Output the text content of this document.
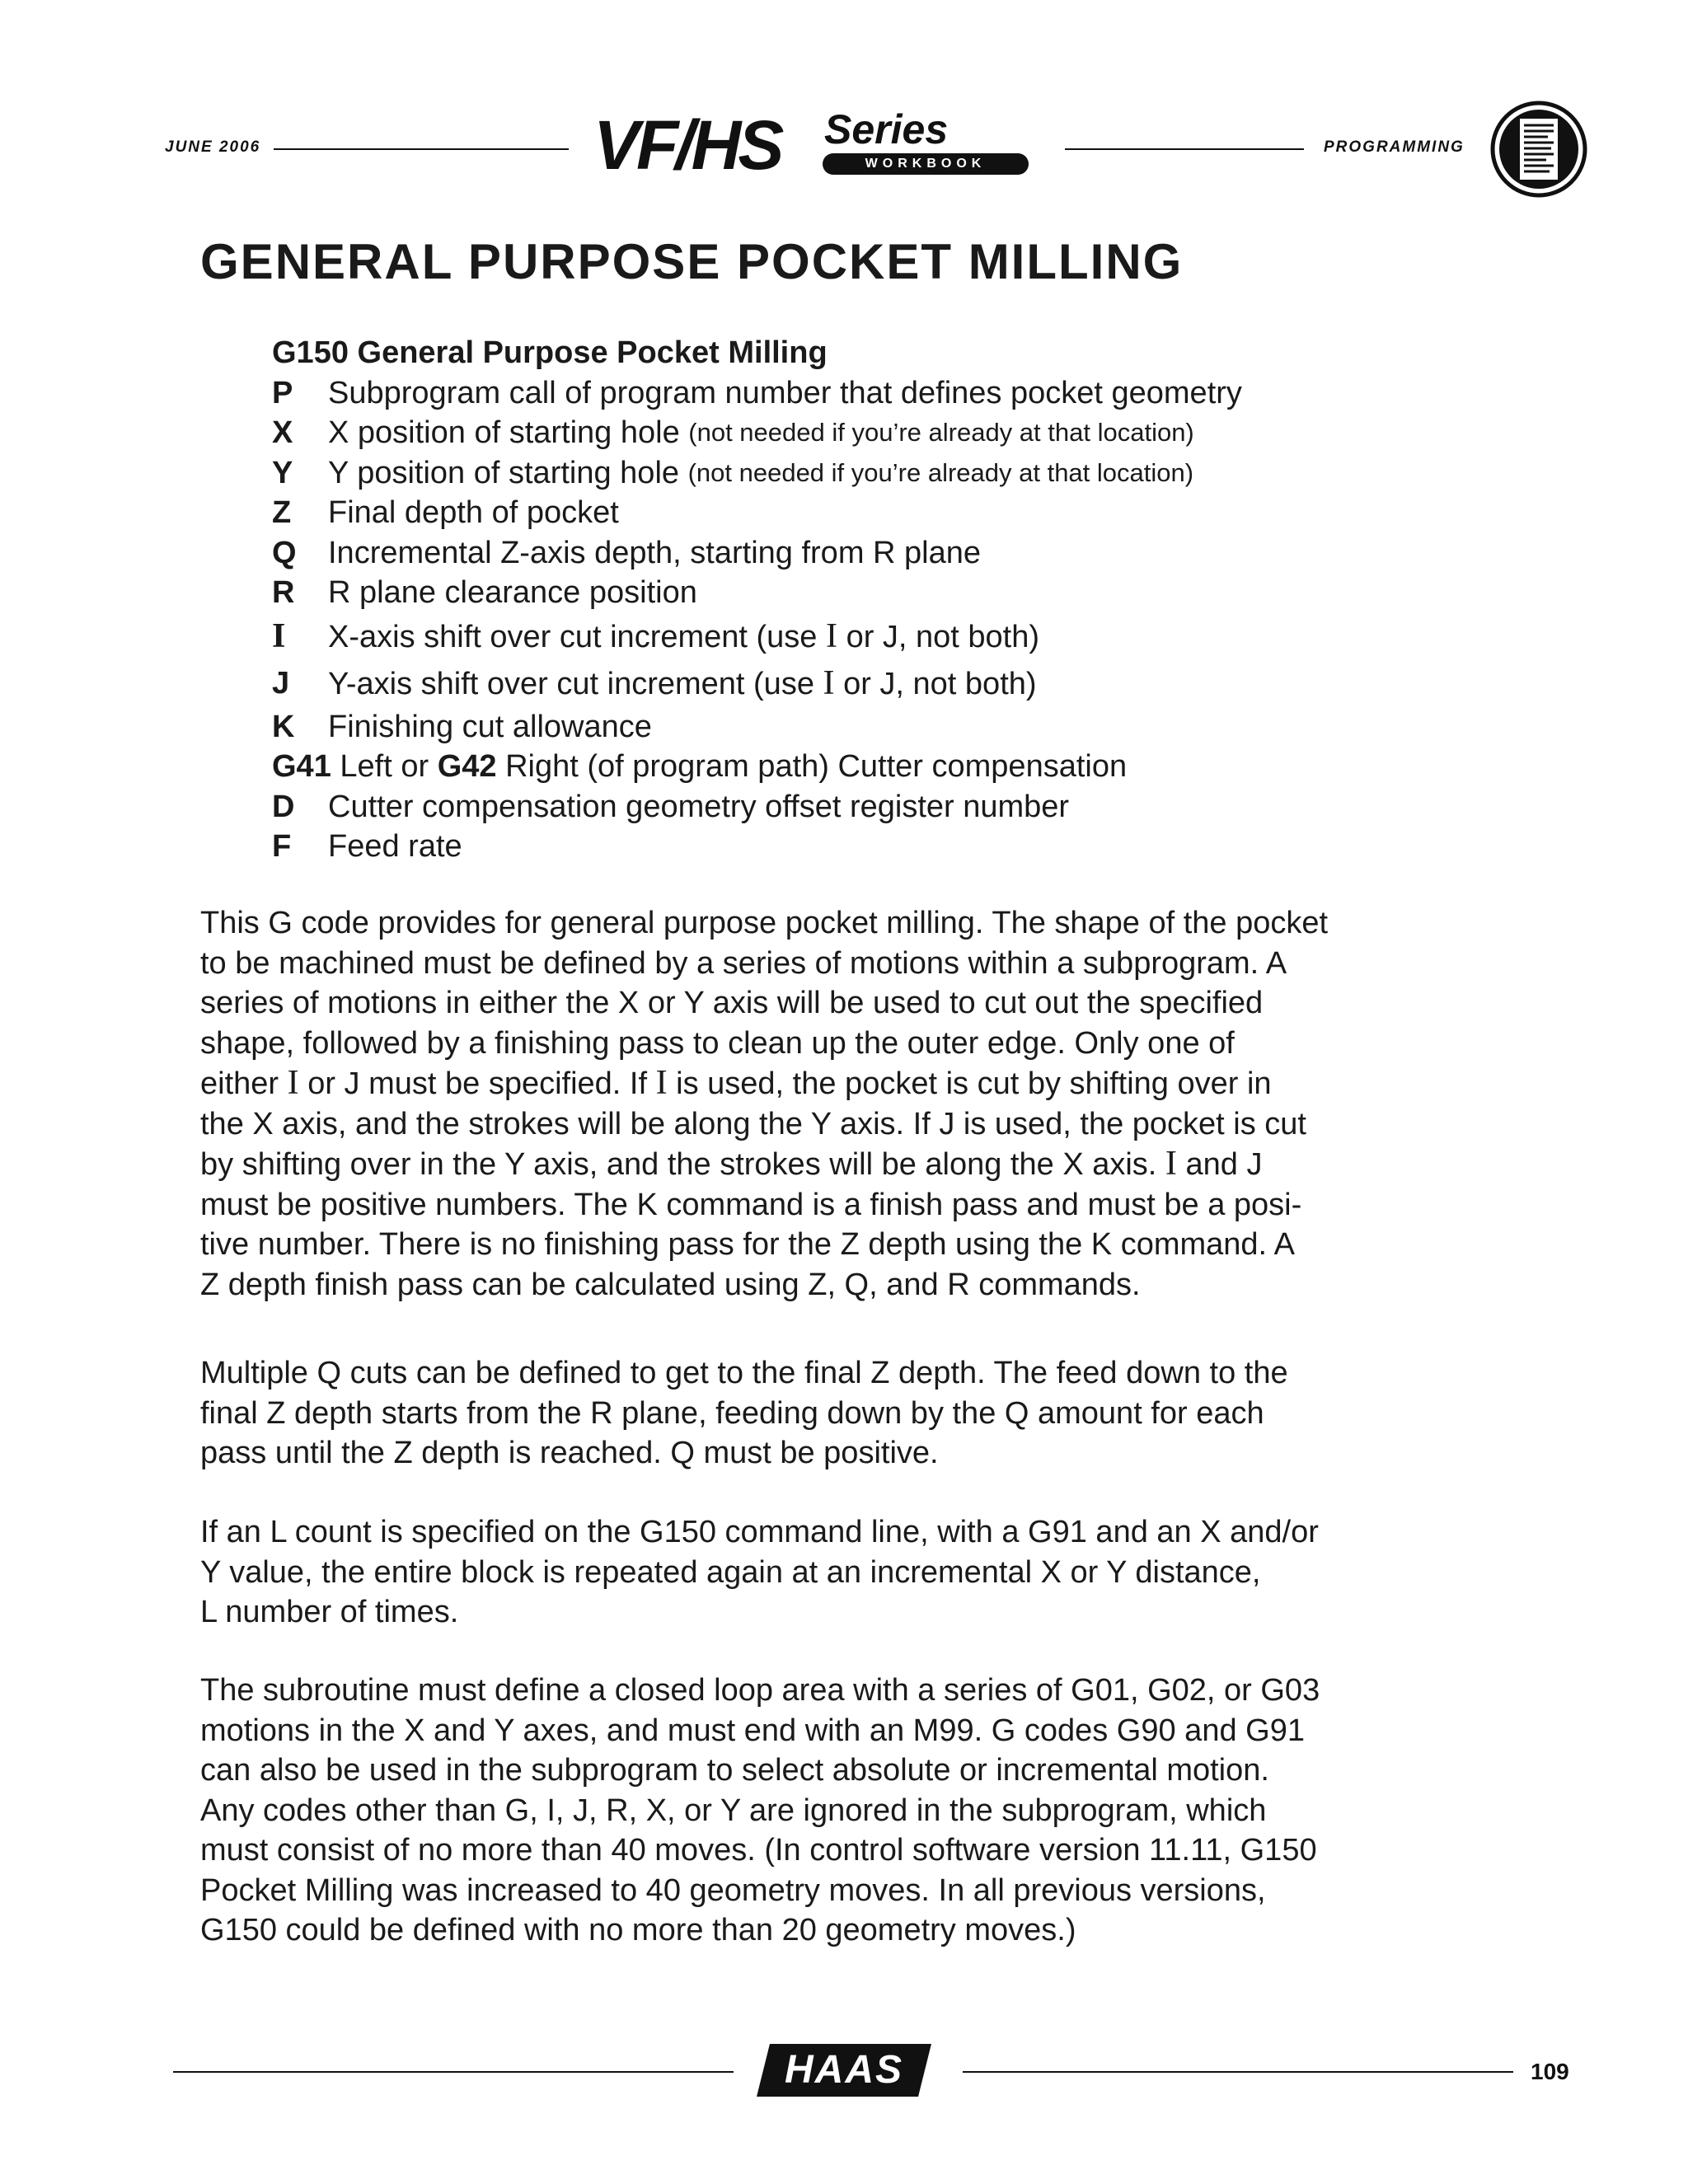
JUNE 2006	VF/HS Series
WORKBOOK
PROGRAMMING
GENERAL PURPOSE POCKET MILLING
G150 General Purpose Pocket Milling
P	Subprogram call of program number that defines pocket geometry
X	X position of starting hole
(not needed if you’re already at that location)
Y	Y position of starting hole
(not needed if you’re already at that location)
Z	Final depth of pocket
Q	Incremental Z-axis depth, starting from R plane
R	R plane clearance position
I	X-axis shift over cut increment (use I or J, not both)
J	Y-axis shift over cut increment (use I or J, not both)
K	Finishing cut allowance
G41
Left or
G42
Right (of program path) Cutter compensation
D	Cutter compensation geometry offset register number
F	Feed rate

This G code provides for general purpose pocket milling. The shape of the pocket

to be machined must be defined by a series of motions within a subprogram. A

series of motions in either the X or Y axis will be used to cut out the specified

shape, followed by a finishing pass to clean up the outer edge. Only one of

either I or J must be specified. If I is used, the pocket is cut by shifting over in

the X axis, and the strokes will be along the Y axis. If J is used, the pocket is cut

by shifting over in the Y axis, and the strokes will be along the X axis. I and J

must be positive numbers. The K command is a finish pass and must be a posi-

tive number. There is no finishing pass for the Z depth using the K command. A

Z depth finish pass can be calculated using Z, Q, and R commands.

Multiple Q cuts can be defined to get to the final Z depth. The feed down to the

final Z depth starts from the R plane, feeding down by the Q amount for each

pass until the Z depth is reached. Q must be positive.

If an L count is specified on the G150 command line, with a G91 and an X and/or

Y value, the entire block is repeated again at an incremental X or Y distance,

L number of times.

The subroutine must define a closed loop area with a series of G01, G02, or G03

motions in the X and Y axes, and must end with an M99. G codes G90 and G91

can also be used in the subprogram to select absolute or incremental motion.

Any codes other than G, I, J, R, X, or Y are ignored in the subprogram, which

must consist of no more than 40 moves. (In control software version 11.11, G150

Pocket Milling was increased to 40 geometry moves. In all previous versions,

G150 could be defined with no more than 20 geometry moves.)

HAAS	109
